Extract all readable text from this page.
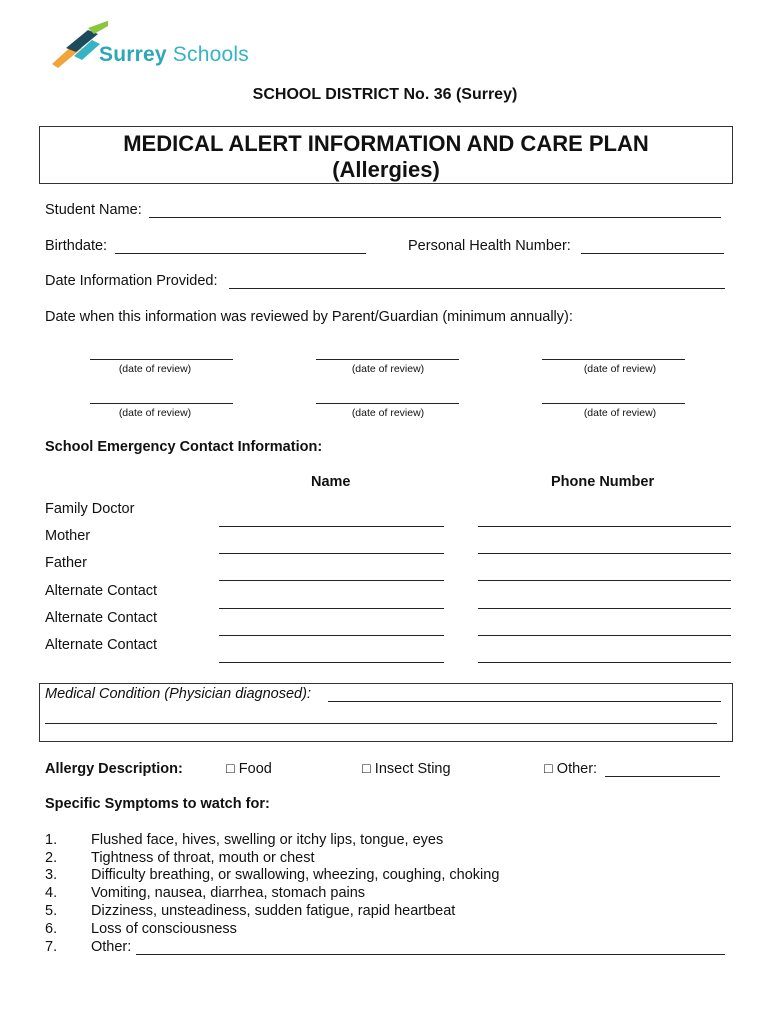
Surrey Schools
SCHOOL DISTRICT No. 36 (Surrey)
MEDICAL ALERT INFORMATION AND CARE PLAN
(Allergies)
Student Name:
Birthdate:	Personal Health Number:
Date Information Provided:
Date when this information was reviewed by Parent/Guardian (minimum annually):
(date of review)	(date of review)	(date of review)
(date of review)	(date of review)	(date of review)
School Emergency Contact Information:
Name	Phone Number
Family Doctor
Mother
Father
Alternate Contact
Alternate Contact
Alternate Contact
Medical Condition (Physician diagnosed):
Allergy Description:	□ Food	□ Insect Sting	□ Other:
Specific Symptoms to watch for:
1.	Flushed face, hives, swelling or itchy lips, tongue, eyes
2.	Tightness of throat, mouth or chest
3.	Difficulty breathing, or swallowing, wheezing, coughing, choking
4.	Vomiting, nausea, diarrhea, stomach pains
5.	Dizziness, unsteadiness, sudden fatigue, rapid heartbeat
6.	Loss of consciousness
7.	Other:
